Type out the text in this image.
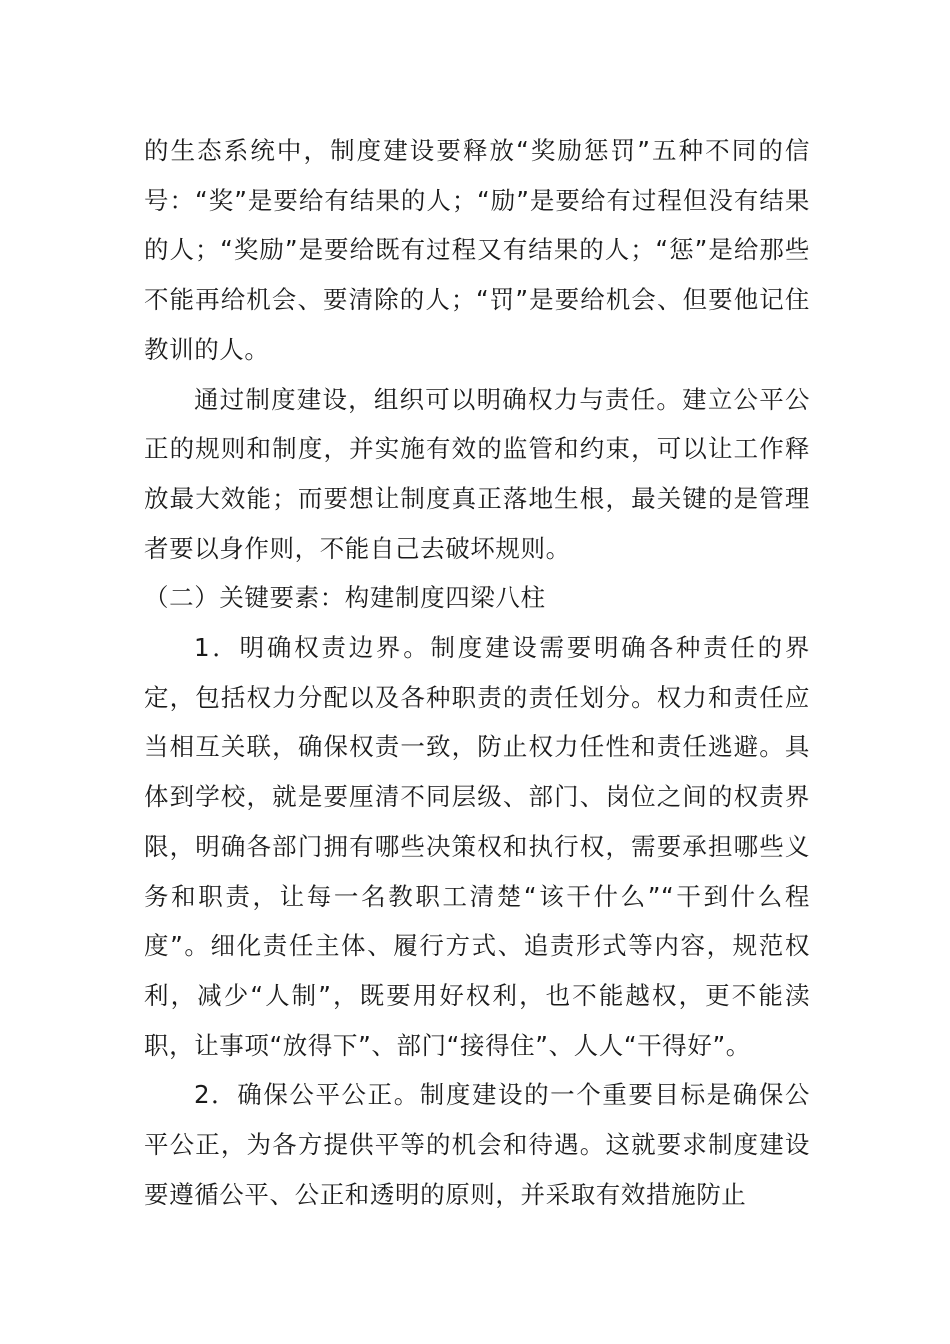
的生态系统中，制度建设要释放“奖励惩罚”五种不同的信号：“奖”是要给有结果的人；“励”是要给有过程但没有结果的人；“奖励”是要给既有过程又有结果的人；“惩”是给那些不能再给机会、要清除的人；“罚”是要给机会、但要他记住教训的人。

通过制度建设，组织可以明确权力与责任。建立公平公正的规则和制度，并实施有效的监管和约束，可以让工作释放最大效能；而要想让制度真正落地生根，最关键的是管理者要以身作则，不能自己去破坏规则。

（二）关键要素：构建制度四梁八柱

1．明确权责边界。制度建设需要明确各种责任的界定，包括权力分配以及各种职责的责任划分。权力和责任应当相互关联，确保权责一致，防止权力任性和责任逃避。具体到学校，就是要厘清不同层级、部门、岗位之间的权责界限，明确各部门拥有哪些决策权和执行权，需要承担哪些义务和职责，让每一名教职工清楚“该干什么”“干到什么程度”。细化责任主体、履行方式、追责形式等内容，规范权利，减少“人制”，既要用好权利，也不能越权，更不能渎职，让事项“放得下”、部门“接得住”、人人“干得好”。

2．确保公平公正。制度建设的一个重要目标是确保公平公正，为各方提供平等的机会和待遇。这就要求制度建设要遵循公平、公正和透明的原则，并采取有效措施防止
